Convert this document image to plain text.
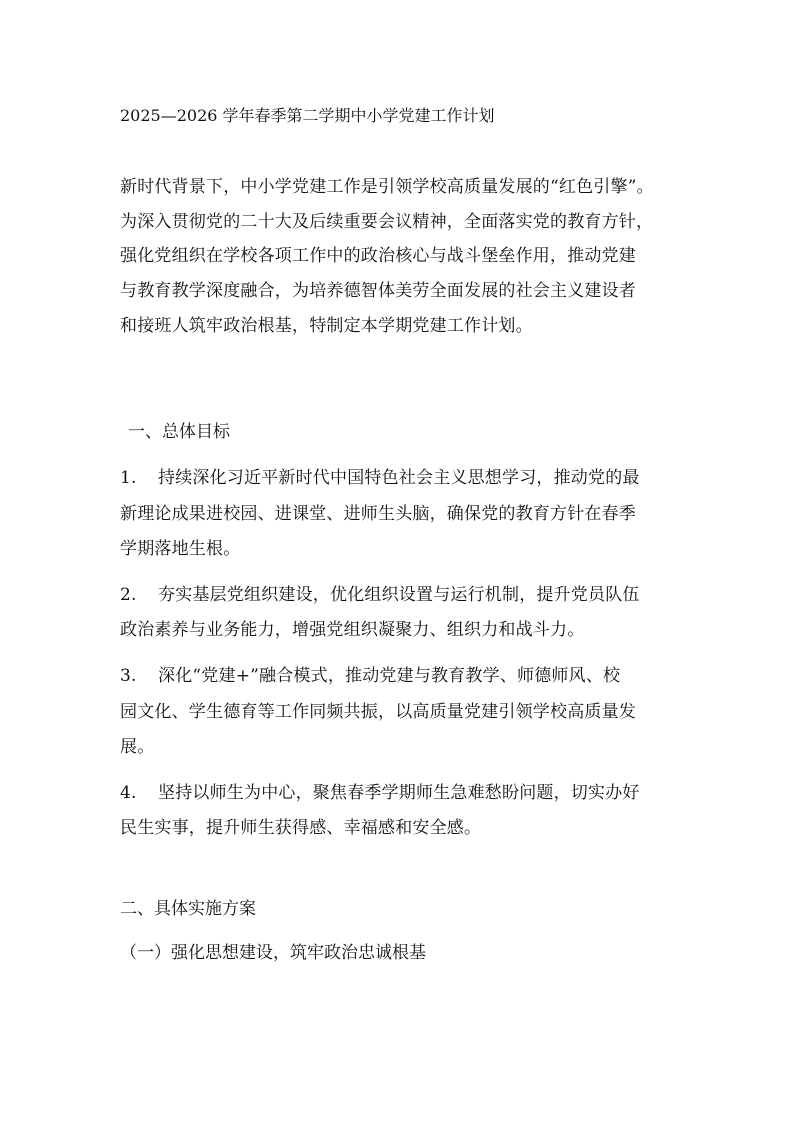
2025—2026 学年春季第二学期中小学党建工作计划
新时代背景下，中小学党建工作是引领学校高质量发展的“红色引擎”。
为深入贯彻党的二十大及后续重要会议精神，全面落实党的教育方针，
强化党组织在学校各项工作中的政治核心与战斗堡垒作用，推动党建
与教育教学深度融合，为培养德智体美劳全面发展的社会主义建设者
和接班人筑牢政治根基，特制定本学期党建工作计划。
一、总体目标
1. 持续深化习近平新时代中国特色社会主义思想学习，推动党的最
新理论成果进校园、进课堂、进师生头脑，确保党的教育方针在春季
学期落地生根。
2. 夯实基层党组织建设，优化组织设置与运行机制，提升党员队伍
政治素养与业务能力，增强党组织凝聚力、组织力和战斗力。
3. 深化“党建+”融合模式，推动党建与教育教学、师德师风、校
园文化、学生德育等工作同频共振，以高质量党建引领学校高质量发
展。
4. 坚持以师生为中心，聚焦春季学期师生急难愁盼问题，切实办好
民生实事，提升师生获得感、幸福感和安全感。
二、具体实施方案
（一）强化思想建设，筑牢政治忠诚根基
